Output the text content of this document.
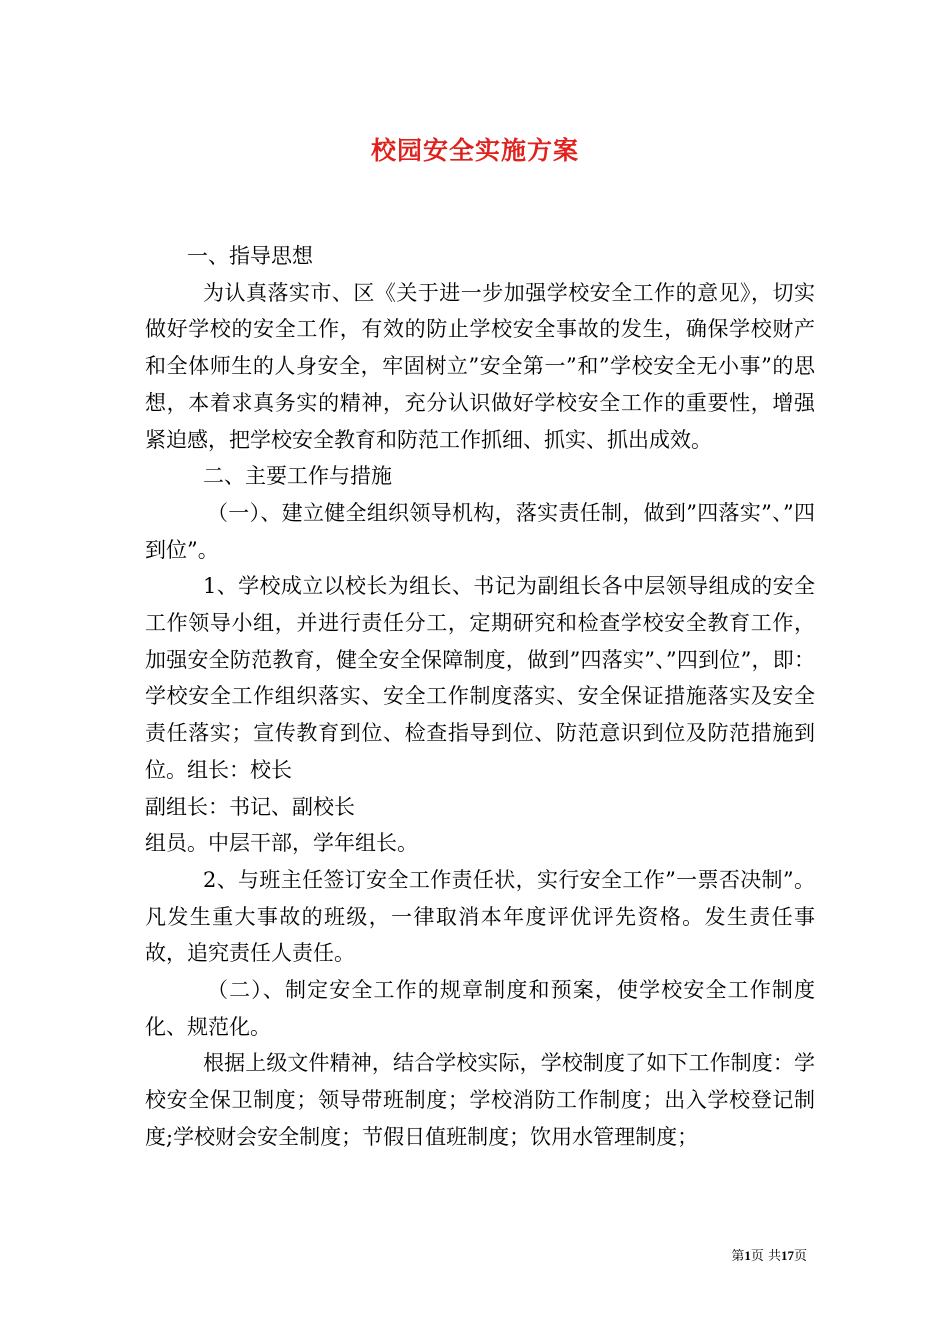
校园安全实施方案

一、指导思想

为认真落实市、区《关于进一步加强学校安全工作的意见》，切实做好学校的安全工作，有效的防止学校安全事故的发生，确保学校财产和全体师生的人身安全，牢固树立”安全第一”和”学校安全无小事”的思想，本着求真务实的精神，充分认识做好学校安全工作的重要性，增强紧迫感，把学校安全教育和防范工作抓细、抓实、抓出成效。

二、主要工作与措施

（一）、建立健全组织领导机构，落实责任制，做到”四落实”、”四到位”。

1、学校成立以校长为组长、书记为副组长各中层领导组成的安全工作领导小组，并进行责任分工，定期研究和检查学校安全教育工作，加强安全防范教育，健全安全保障制度，做到”四落实”、”四到位”，即：学校安全工作组织落实、安全工作制度落实、安全保证措施落实及安全责任落实；宣传教育到位、检查指导到位、防范意识到位及防范措施到位。组长：校长

副组长：书记、副校长

组员。中层干部，学年组长。

2、与班主任签订安全工作责任状，实行安全工作”一票否决制”。凡发生重大事故的班级，一律取消本年度评优评先资格。发生责任事故，追究责任人责任。

（二）、制定安全工作的规章制度和预案，使学校安全工作制度化、规范化。

根据上级文件精神，结合学校实际，学校制度了如下工作制度：学校安全保卫制度；领导带班制度；学校消防工作制度；出入学校登记制度;学校财会安全制度；节假日值班制度；饮用水管理制度；

第1页 共17页
